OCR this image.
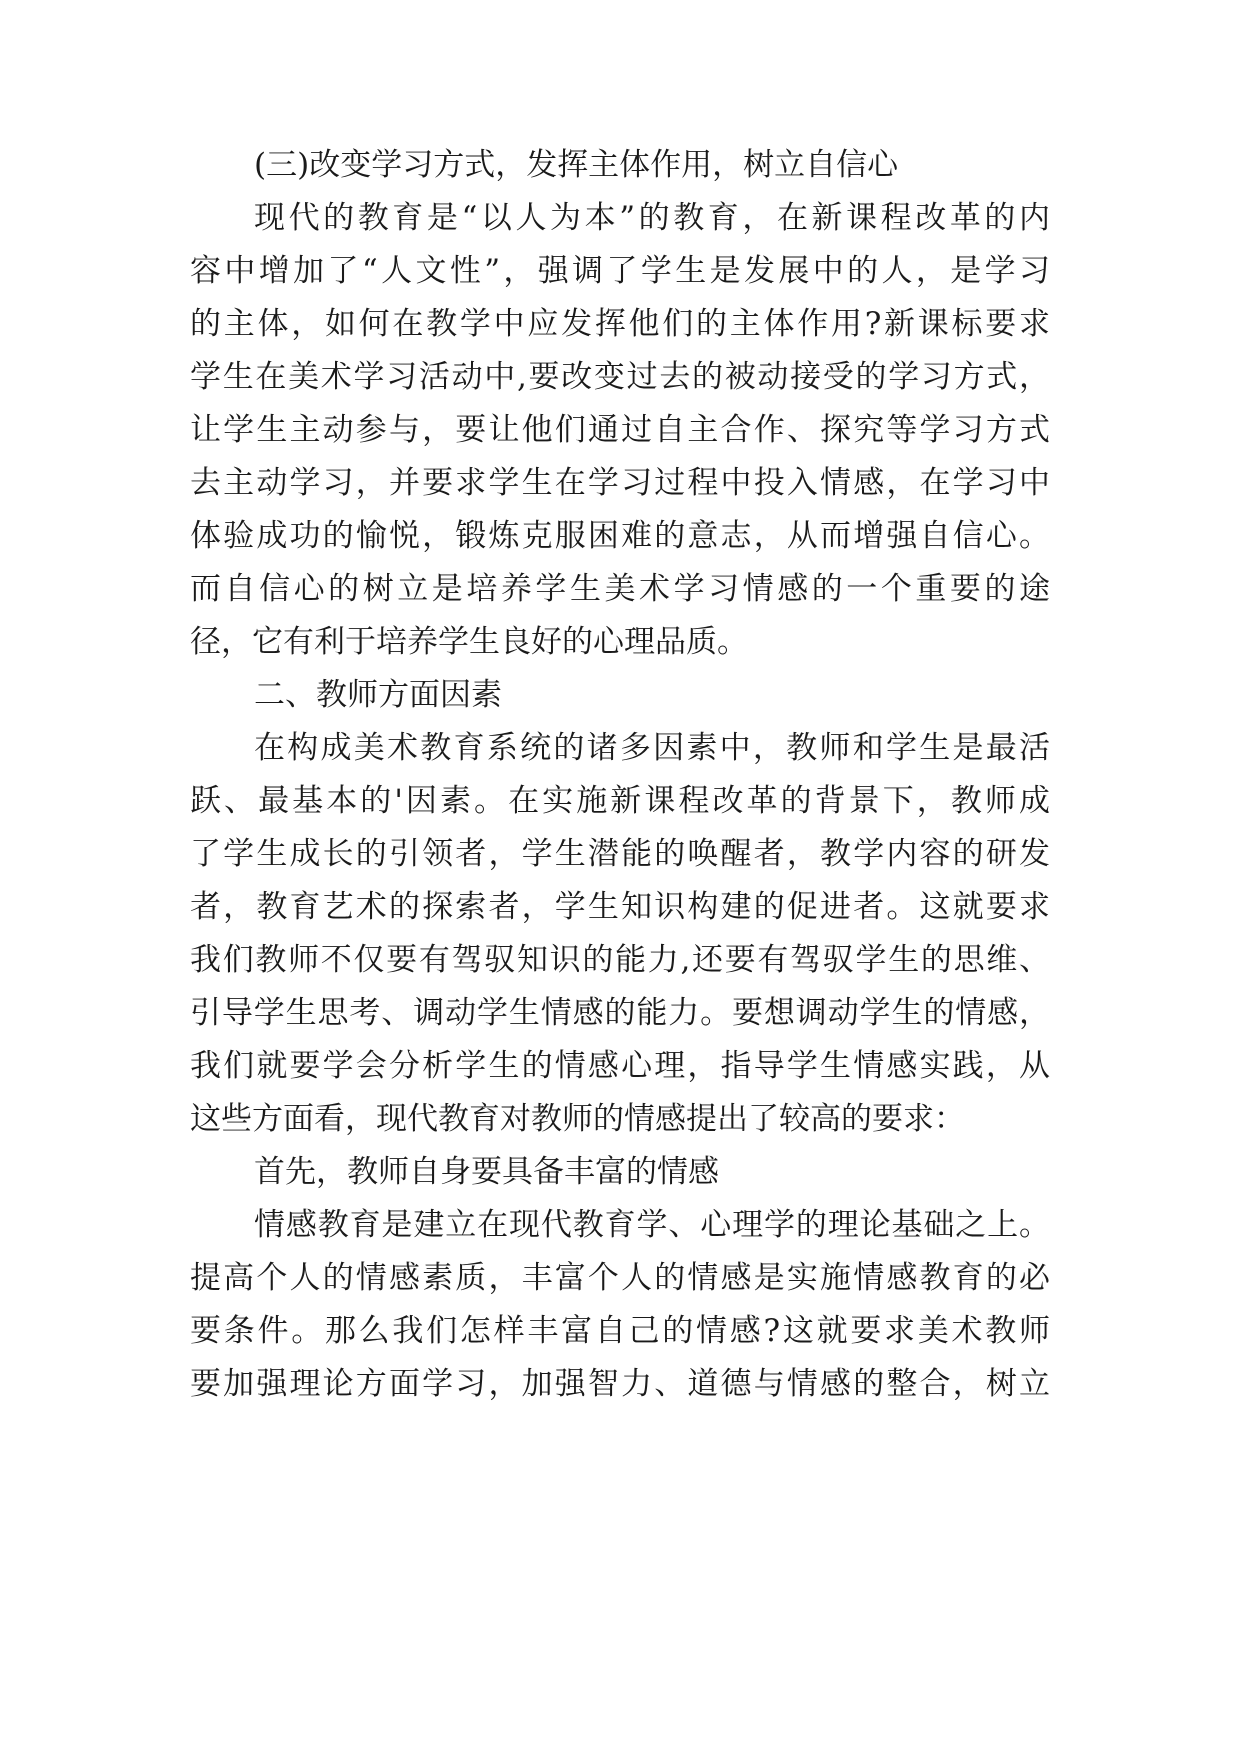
(三)改变学习方式，发挥主体作用，树立自信心
现代的教育是“以人为本”的教育，在新课程改革的内
容中增加了“人文性”，强调了学生是发展中的人，是学习
的主体，如何在教学中应发挥他们的主体作用?新课标要求
学生在美术学习活动中,要改变过去的被动接受的学习方式，
让学生主动参与，要让他们通过自主合作、探究等学习方式
去主动学习，并要求学生在学习过程中投入情感，在学习中
体验成功的愉悦，锻炼克服困难的意志，从而增强自信心。
而自信心的树立是培养学生美术学习情感的一个重要的途
径，它有利于培养学生良好的心理品质。
二、教师方面因素
在构成美术教育系统的诸多因素中，教师和学生是最活
跃、最基本的'因素。在实施新课程改革的背景下，教师成
了学生成长的引领者，学生潜能的唤醒者，教学内容的研发
者，教育艺术的探索者，学生知识构建的促进者。这就要求
我们教师不仅要有驾驭知识的能力,还要有驾驭学生的思维、
引导学生思考、调动学生情感的能力。要想调动学生的情感，
我们就要学会分析学生的情感心理，指导学生情感实践，从
这些方面看，现代教育对教师的情感提出了较高的要求：
首先，教师自身要具备丰富的情感
情感教育是建立在现代教育学、心理学的理论基础之上。
提高个人的情感素质，丰富个人的情感是实施情感教育的必
要条件。那么我们怎样丰富自己的情感?这就要求美术教师
要加强理论方面学习，加强智力、道德与情感的整合，树立
